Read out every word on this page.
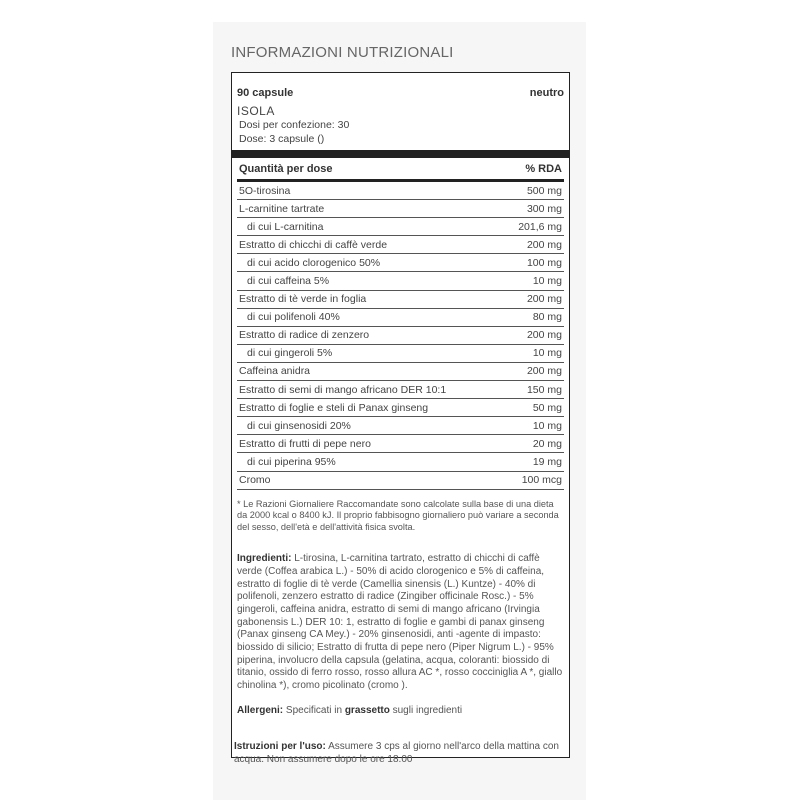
INFORMAZIONI NUTRIZIONALI
90 capsule	neutro
ISOLA
Dosi per confezione: 30
Dose: 3 capsule ()
Quantità per dose	% RDA
5O-tirosina	500 mg
L-carnitine tartrate	300 mg
di cui L-carnitina	201,6 mg
Estratto di chicchi di caffè verde	200 mg
di cui acido clorogenico 50%	100 mg
di cui caffeina 5%	10 mg
Estratto di tè verde in foglia	200 mg
di cui polifenoli 40%	80 mg
Estratto di radice di zenzero	200 mg
di cui gingeroli 5%	10 mg
Caffeina anidra	200 mg
Estratto di semi di mango africano DER 10:1	150 mg
Estratto di foglie e steli di Panax ginseng	50 mg
di cui ginsenosidi 20%	10 mg
Estratto di frutti di pepe nero	20 mg
di cui piperina 95%	19 mg
Cromo	100 mcg
* Le Razioni Giornaliere Raccomandate sono calcolate sulla base di una dieta da 2000 kcal o 8400 kJ. Il proprio fabbisogno giornaliero può variare a seconda del sesso, dell'età e dell'attività fisica svolta.
Ingredienti: L-tirosina, L-carnitina tartrato, estratto di chicchi di caffè verde (Coffea arabica L.) - 50% di acido clorogenico e 5% di caffeina, estratto di foglie di tè verde (Camellia sinensis (L.) Kuntze) - 40% di polifenoli, zenzero estratto di radice (Zingiber officinale Rosc.) - 5% gingeroli, caffeina anidra, estratto di semi di mango africano (Irvingia gabonensis L.) DER 10: 1, estratto di foglie e gambi di panax ginseng (Panax ginseng CA Mey.) - 20% ginsenosidi, anti -agente di impasto: biossido di silicio; Estratto di frutta di pepe nero (Piper Nigrum L.) - 95% piperina, involucro della capsula (gelatina, acqua, coloranti: biossido di titanio, ossido di ferro rosso, rosso allura AC *, rosso cocciniglia A *, giallo chinolina *), cromo picolinato (cromo ).
Allergeni: Specificati in grassetto sugli ingredienti
Istruzioni per l'uso: Assumere 3 cps al giorno nell'arco della mattina con acqua. Non assumere dopo le ore 18.00
